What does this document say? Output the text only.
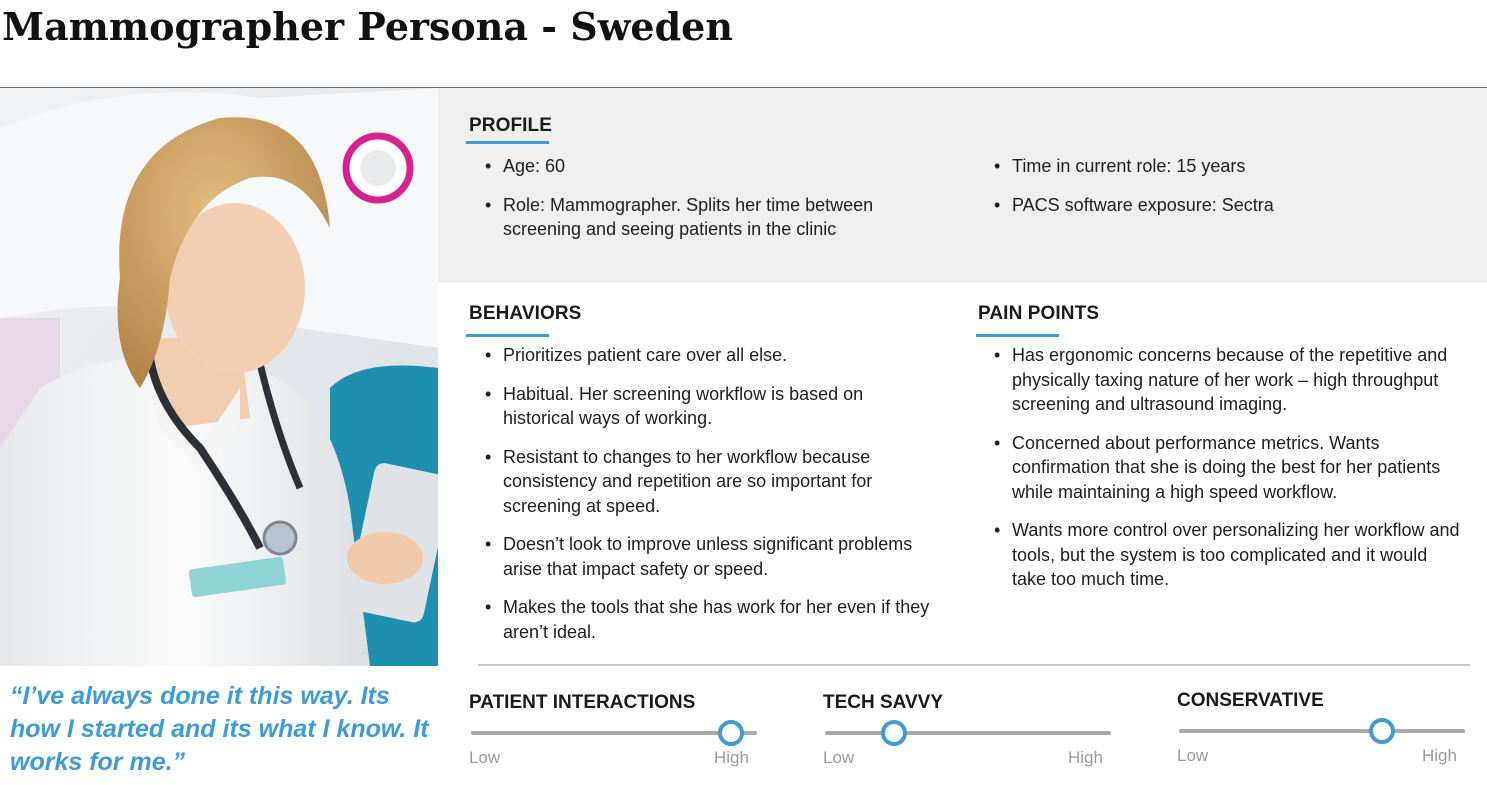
Mammographer Persona - Sweden
PROFILE
• Age: 60
• Role: Mammographer. Splits her time between screening and seeing patients in the clinic
• Time in current role: 15 years
• PACS software exposure: Sectra
BEHAVIORS
• Prioritizes patient care over all else.
• Habitual. Her screening workflow is based on historical ways of working.
• Resistant to changes to her workflow because consistency and repetition are so important for screening at speed.
• Doesn’t look to improve unless significant problems arise that impact safety or speed.
• Makes the tools that she has work for her even if they aren’t ideal.
PAIN POINTS
• Has ergonomic concerns because of the repetitive and physically taxing nature of her work – high throughput screening and ultrasound imaging.
• Concerned about performance metrics. Wants confirmation that she is doing the best for her patients while maintaining a high speed workflow.
• Wants more control over personalizing her workflow and tools, but the system is too complicated and it would take too much time.

“I’ve always done it this way. Its how I started and its what I know. It works for me.”

PATIENT INTERACTIONS
Low	High
TECH SAVVY
Low	High
CONSERVATIVE
Low	High
